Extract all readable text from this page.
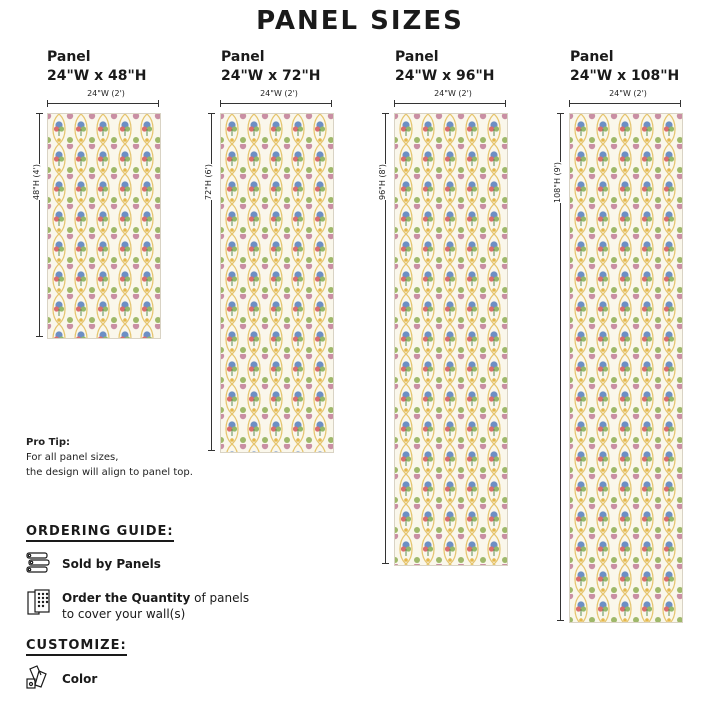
PANEL SIZES
Panel
24"W x 48"H
24"W (2')
48"H (4')
Panel
24"W x 72"H
24"W (2')
72"H (6')
Panel
24"W x 96"H
24"W (2')
96"H (8')
Panel
24"W x 108"H
24"W (2')
108"H (9')
Pro Tip:
For all panel sizes,
the design will align to panel top.
ORDERING GUIDE:
Sold by Panels
Order the Quantity of panels
to cover your wall(s)
CUSTOMIZE:
Color
